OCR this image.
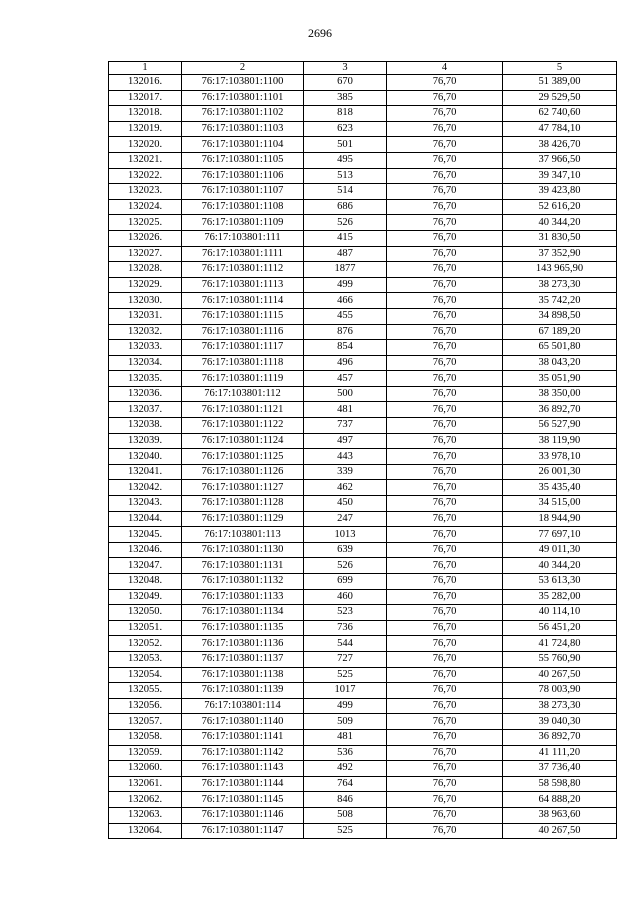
2696
1	2	3	4	5
132016.	76:17:103801:1100	670	76,70	51 389,00
132017.	76:17:103801:1101	385	76,70	29 529,50
132018.	76:17:103801:1102	818	76,70	62 740,60
132019.	76:17:103801:1103	623	76,70	47 784,10
132020.	76:17:103801:1104	501	76,70	38 426,70
132021.	76:17:103801:1105	495	76,70	37 966,50
132022.	76:17:103801:1106	513	76,70	39 347,10
132023.	76:17:103801:1107	514	76,70	39 423,80
132024.	76:17:103801:1108	686	76,70	52 616,20
132025.	76:17:103801:1109	526	76,70	40 344,20
132026.	76:17:103801:111	415	76,70	31 830,50
132027.	76:17:103801:1111	487	76,70	37 352,90
132028.	76:17:103801:1112	1877	76,70	143 965,90
132029.	76:17:103801:1113	499	76,70	38 273,30
132030.	76:17:103801:1114	466	76,70	35 742,20
132031.	76:17:103801:1115	455	76,70	34 898,50
132032.	76:17:103801:1116	876	76,70	67 189,20
132033.	76:17:103801:1117	854	76,70	65 501,80
132034.	76:17:103801:1118	496	76,70	38 043,20
132035.	76:17:103801:1119	457	76,70	35 051,90
132036.	76:17:103801:112	500	76,70	38 350,00
132037.	76:17:103801:1121	481	76,70	36 892,70
132038.	76:17:103801:1122	737	76,70	56 527,90
132039.	76:17:103801:1124	497	76,70	38 119,90
132040.	76:17:103801:1125	443	76,70	33 978,10
132041.	76:17:103801:1126	339	76,70	26 001,30
132042.	76:17:103801:1127	462	76,70	35 435,40
132043.	76:17:103801:1128	450	76,70	34 515,00
132044.	76:17:103801:1129	247	76,70	18 944,90
132045.	76:17:103801:113	1013	76,70	77 697,10
132046.	76:17:103801:1130	639	76,70	49 011,30
132047.	76:17:103801:1131	526	76,70	40 344,20
132048.	76:17:103801:1132	699	76,70	53 613,30
132049.	76:17:103801:1133	460	76,70	35 282,00
132050.	76:17:103801:1134	523	76,70	40 114,10
132051.	76:17:103801:1135	736	76,70	56 451,20
132052.	76:17:103801:1136	544	76,70	41 724,80
132053.	76:17:103801:1137	727	76,70	55 760,90
132054.	76:17:103801:1138	525	76,70	40 267,50
132055.	76:17:103801:1139	1017	76,70	78 003,90
132056.	76:17:103801:114	499	76,70	38 273,30
132057.	76:17:103801:1140	509	76,70	39 040,30
132058.	76:17:103801:1141	481	76,70	36 892,70
132059.	76:17:103801:1142	536	76,70	41 111,20
132060.	76:17:103801:1143	492	76,70	37 736,40
132061.	76:17:103801:1144	764	76,70	58 598,80
132062.	76:17:103801:1145	846	76,70	64 888,20
132063.	76:17:103801:1146	508	76,70	38 963,60
132064.	76:17:103801:1147	525	76,70	40 267,50
